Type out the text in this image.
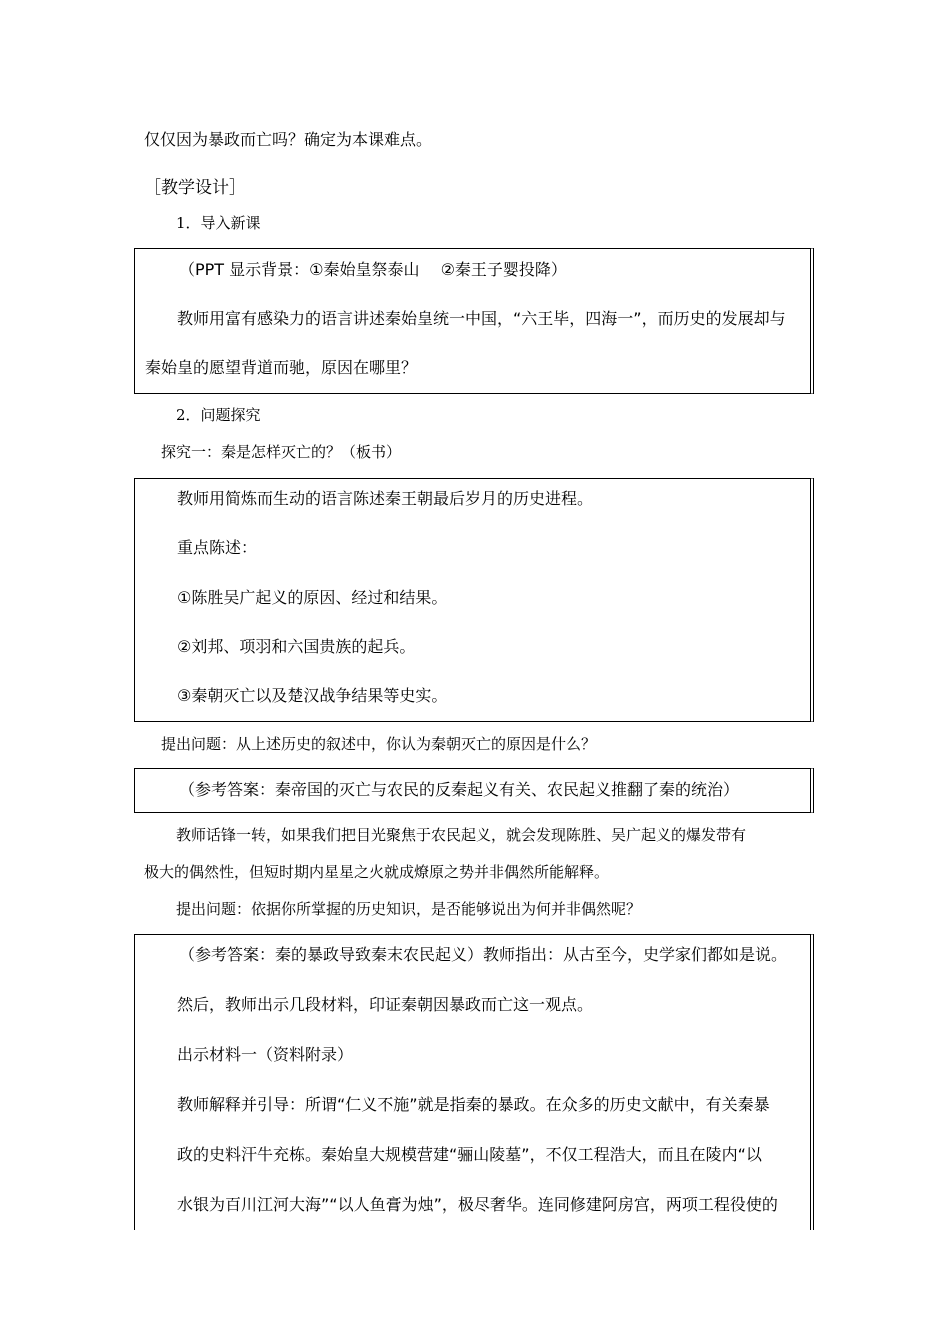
仅仅因为暴政而亡吗？确定为本课难点。
［教学设计］
1．导入新课
（PPT 显示背景：①秦始皇祭泰山　 ②秦王子婴投降）
教师用富有感染力的语言讲述秦始皇统一中国，“六王毕，四海一”，而历史的发展却与
秦始皇的愿望背道而驰，原因在哪里？
2．问题探究
探究一：秦是怎样灭亡的？（板书）
教师用简炼而生动的语言陈述秦王朝最后岁月的历史进程。
重点陈述：
①陈胜吴广起义的原因、经过和结果。
②刘邦、项羽和六国贵族的起兵。
③秦朝灭亡以及楚汉战争结果等史实。
提出问题：从上述历史的叙述中，你认为秦朝灭亡的原因是什么？
（参考答案：秦帝国的灭亡与农民的反秦起义有关、农民起义推翻了秦的统治）
教师话锋一转，如果我们把目光聚焦于农民起义，就会发现陈胜、吴广起义的爆发带有
极大的偶然性，但短时期内星星之火就成燎原之势并非偶然所能解释。
提出问题：依据你所掌握的历史知识，是否能够说出为何并非偶然呢？
（参考答案：秦的暴政导致秦末农民起义）教师指出：从古至今，史学家们都如是说。
然后，教师出示几段材料，印证秦朝因暴政而亡这一观点。
出示材料一（资料附录）
教师解释并引导：所谓“仁义不施”就是指秦的暴政。在众多的历史文献中，有关秦暴
政的史料汗牛充栋。秦始皇大规模营建“骊山陵墓”，不仅工程浩大，而且在陵内“以
水银为百川江河大海”“以人鱼膏为烛”，极尽奢华。连同修建阿房宫，两项工程役使的
